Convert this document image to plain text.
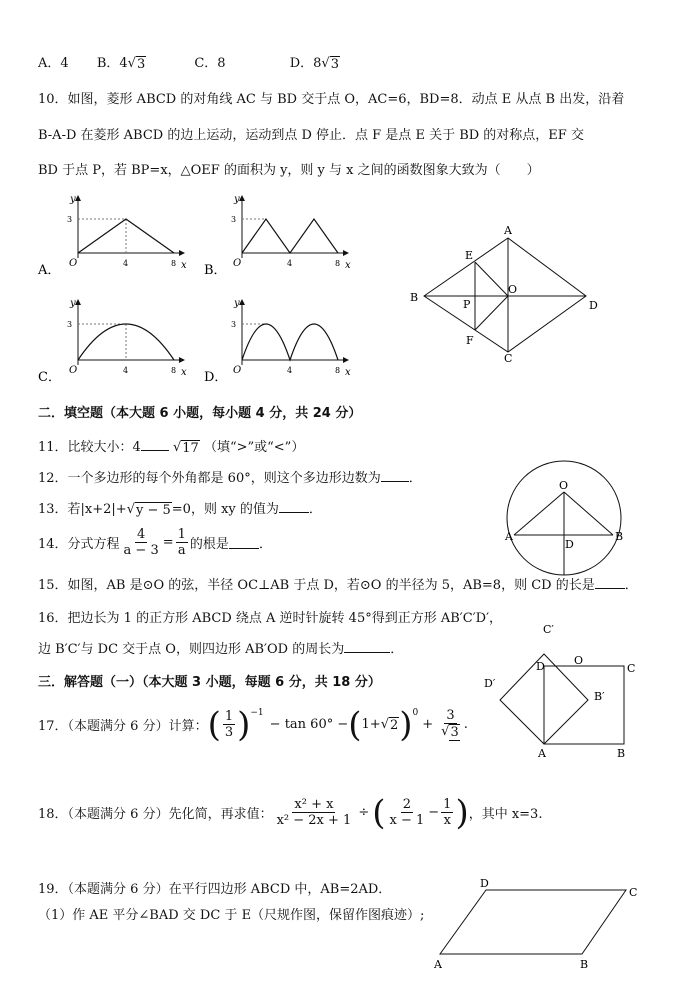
A．4 B．4√ 3	C．8	D．8√ 3
10．如图，菱形 ABCD 的对角线 AC 与 BD 交于点 O，AC=6，BD=8．动点 E 从点 B 出发，沿着
B-A-D 在菱形 ABCD 的边上运动，运动到点 D 停止．点 F 是点 E 关于 BD 的对称点，EF 交
BD 于点 P，若 BP=x，△OEF 的面积为 y，则 y 与 x 之间的函数图象大致为（　　）
y
3
O	4	8 x
A．
y
3
O	4	8 x
B．
y
3
O	4	8 x
C．
y
3
O	4	8 x
D．
A
B
D
C
E
F
O
P
二．填空题（本大题 6 小题，每小题 4 分，共 24 分）
11．比较大小：4 √ 17 （填“>”或“<”）
12．一个多边形的每个外角都是 60°，则这个多边形边数为 ．
13．若|x+2|+√ y − 5 =0，则 xy 的值为 ．
14．分式方程 $\frac{4}{a - 3} = \frac{1}{a}$ 的根是 ．
O
A	B
D
15．如图，AB 是⊙O 的弦，半径 OC⊥AB 于点 D，若⊙O 的半径为 5，AB=8，则 CD 的长是 ．
16．把边长为 1 的正方形 ABCD 绕点 A 逆时针旋转 45°得到正方形 AB′C′D′，
边 B′C′与 DC 交于点 O，则四边形 AB′OD 的周长为	．
C′
D	O
C
D′
B′
A	B
三．解答题（一）（本大题 3 小题，每题 6 分，共 18 分）
17．（本题满分 6 分）计算： ( $\frac{1}{3} )^{-1}$
− tan 60° − ( 1+ √ 2 )$^0$
+ $\frac{3}{√ 3}$ .
18．（本题满分 6 分）先化简，再求值： $\frac{\text{x² + x}}{\text{x² − 2x + 1}}$ ÷ ( $\frac{2}{x - 1} - \frac{1}{x}$ ) ，其中 x=3.
19．（本题满分 6 分）在平行四边形 ABCD 中，AB=2AD．
（1）作 AE 平分∠BAD 交 DC 于 E（尺规作图，保留作图痕迹）;
D
C
A	B
